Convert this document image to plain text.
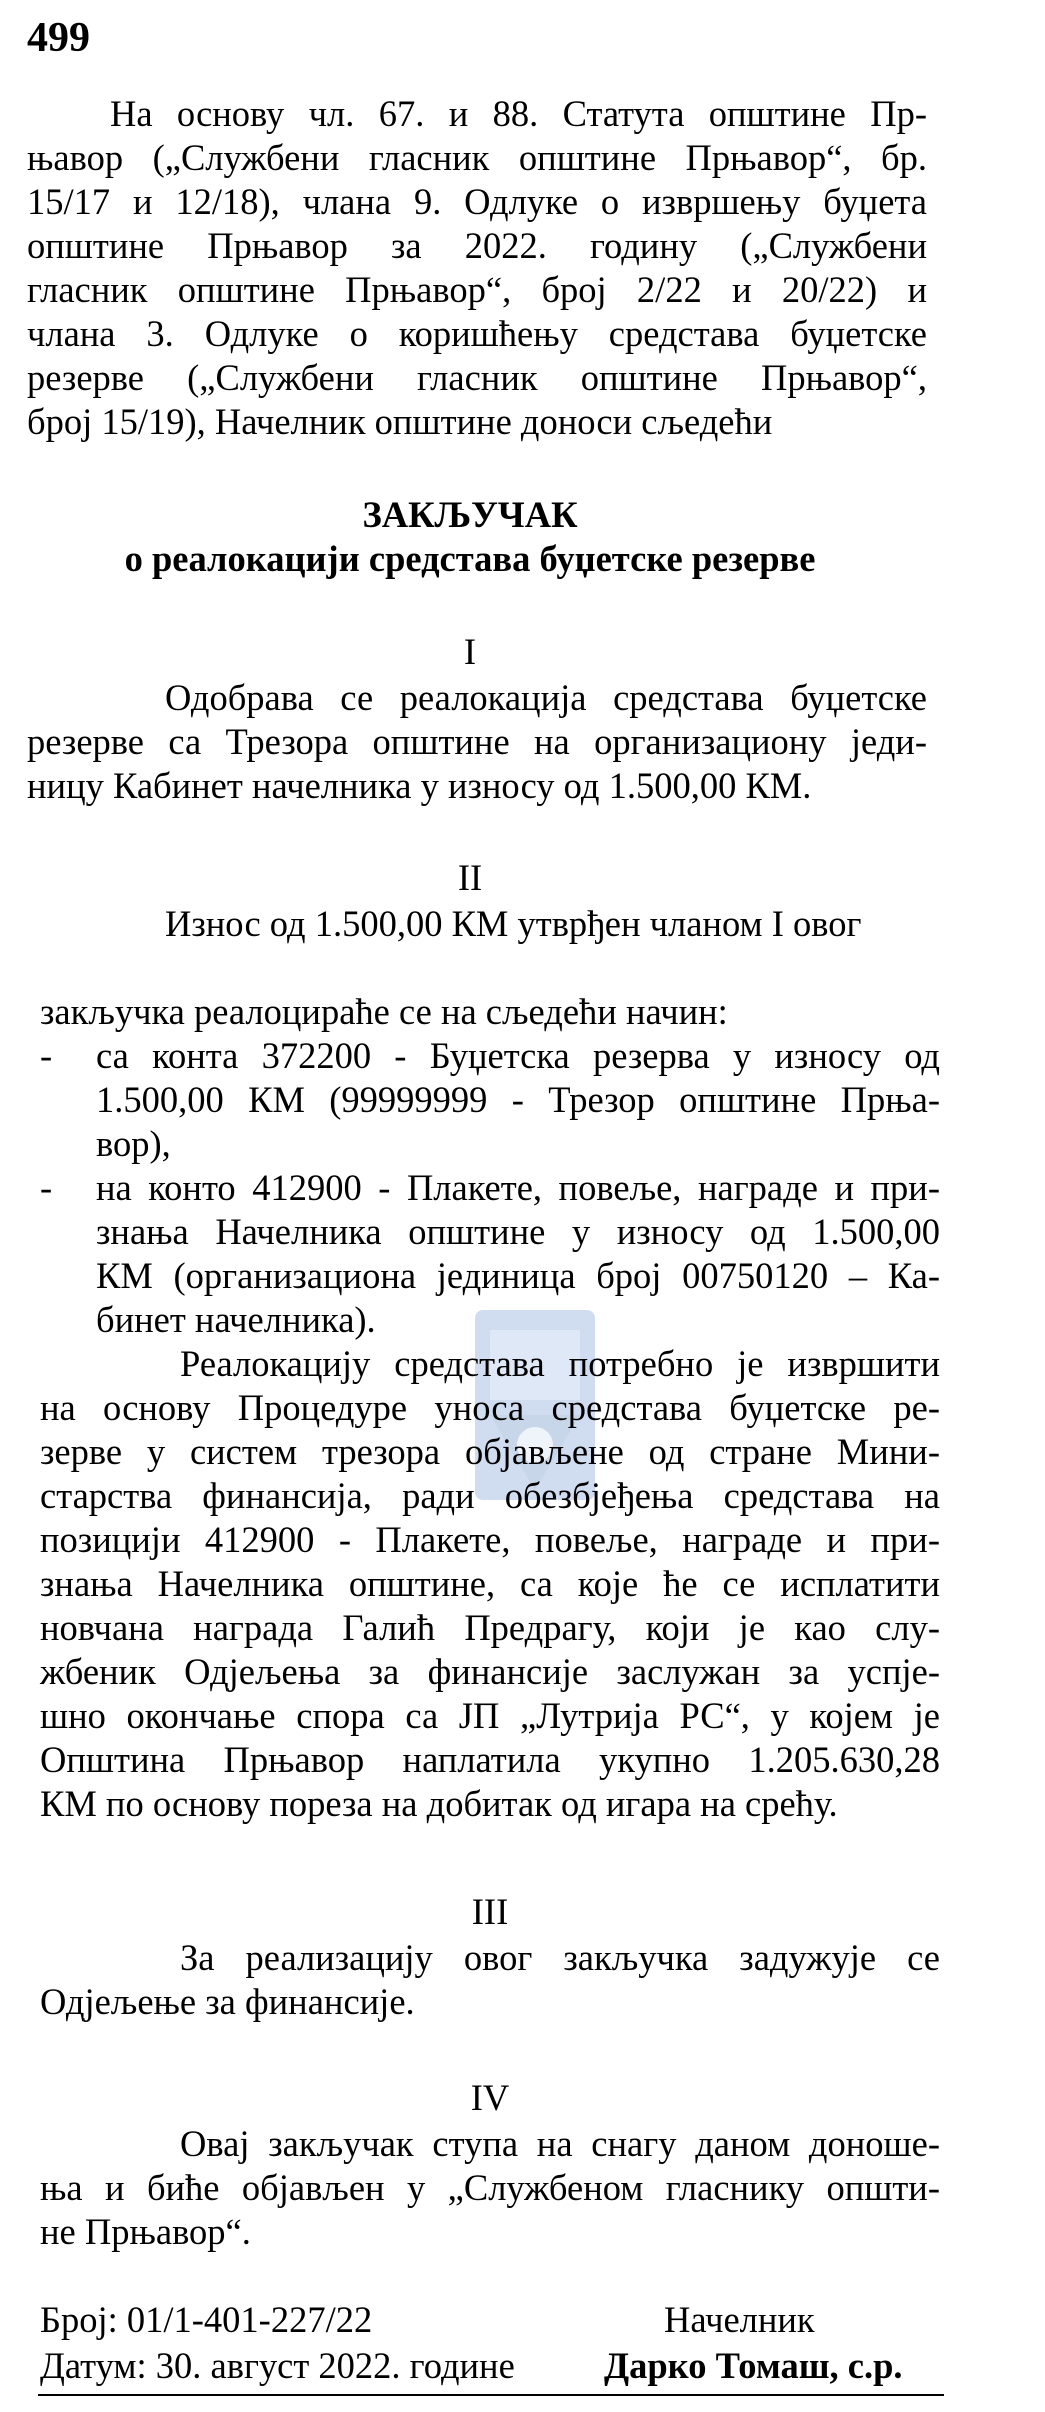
499
На основу чл. 67. и 88. Статута општине Пр-
њавор („Службени гласник општине Прњавор“, бр.
15/17 и 12/18), члана 9. Одлуке о извршењу буџета
општине Прњавор за 2022. годину („Службени
гласник општине Прњавор“, број 2/22 и 20/22) и
члана 3. Одлуке о коришћењу средстава буџетске
резерве („Службени гласник општине Прњавор“,
број 15/19), Начелник општине доноси сљедећи
ЗАКЉУЧАК
о реалокацији средстава буџетске резерве
I
Одобрава се реалокација средстава буџетске
резерве са Трезора општине на организациону једи-
ницу Кабинет начелника у износу од 1.500,00 КМ.
II
Износ од 1.500,00 КМ утврђен чланом I овог
закључка реалоцираће се на сљедећи начин:
- са конта 372200 - Буџетска резерва у износу од
1.500,00 КМ (99999999 - Трезор општине Прња-
вор),
- на конто 412900 - Плакете, повеље, награде и при-
знања Начелника општине у износу од 1.500,00
КМ (организациона јединица број 00750120 – Ка-
бинет начелника).
Реалокацију средстава потребно је извршити
на основу Процедуре уноса средстава буџетске ре-
зерве у систем трезора објављене од стране Мини-
старства финансија, ради обезбјеђења средстава на
позицији 412900 - Плакете, повеље, награде и при-
знања Начелника општине, са које ће се исплатити
новчана награда Галић Предрагу, који је као слу-
жбеник Одјељења за финансије заслужан за успје-
шно окончање спора са ЈП „Лутрија РС“, у којем је
Општина Прњавор наплатила укупно 1.205.630,28
КМ по основу пореза на добитак од игара на срећу.
III
За реализацију овог закључка задужује се
Одјељење за финансије.
IV
Овај закључак ступа на снагу даном доноше-
ња и биће објављен у „Службеном гласнику општи-
не Прњавор“.
Број: 01/1-401-227/22	Начелник
Датум: 30. август 2022. године Дарко Томаш, с.р.
